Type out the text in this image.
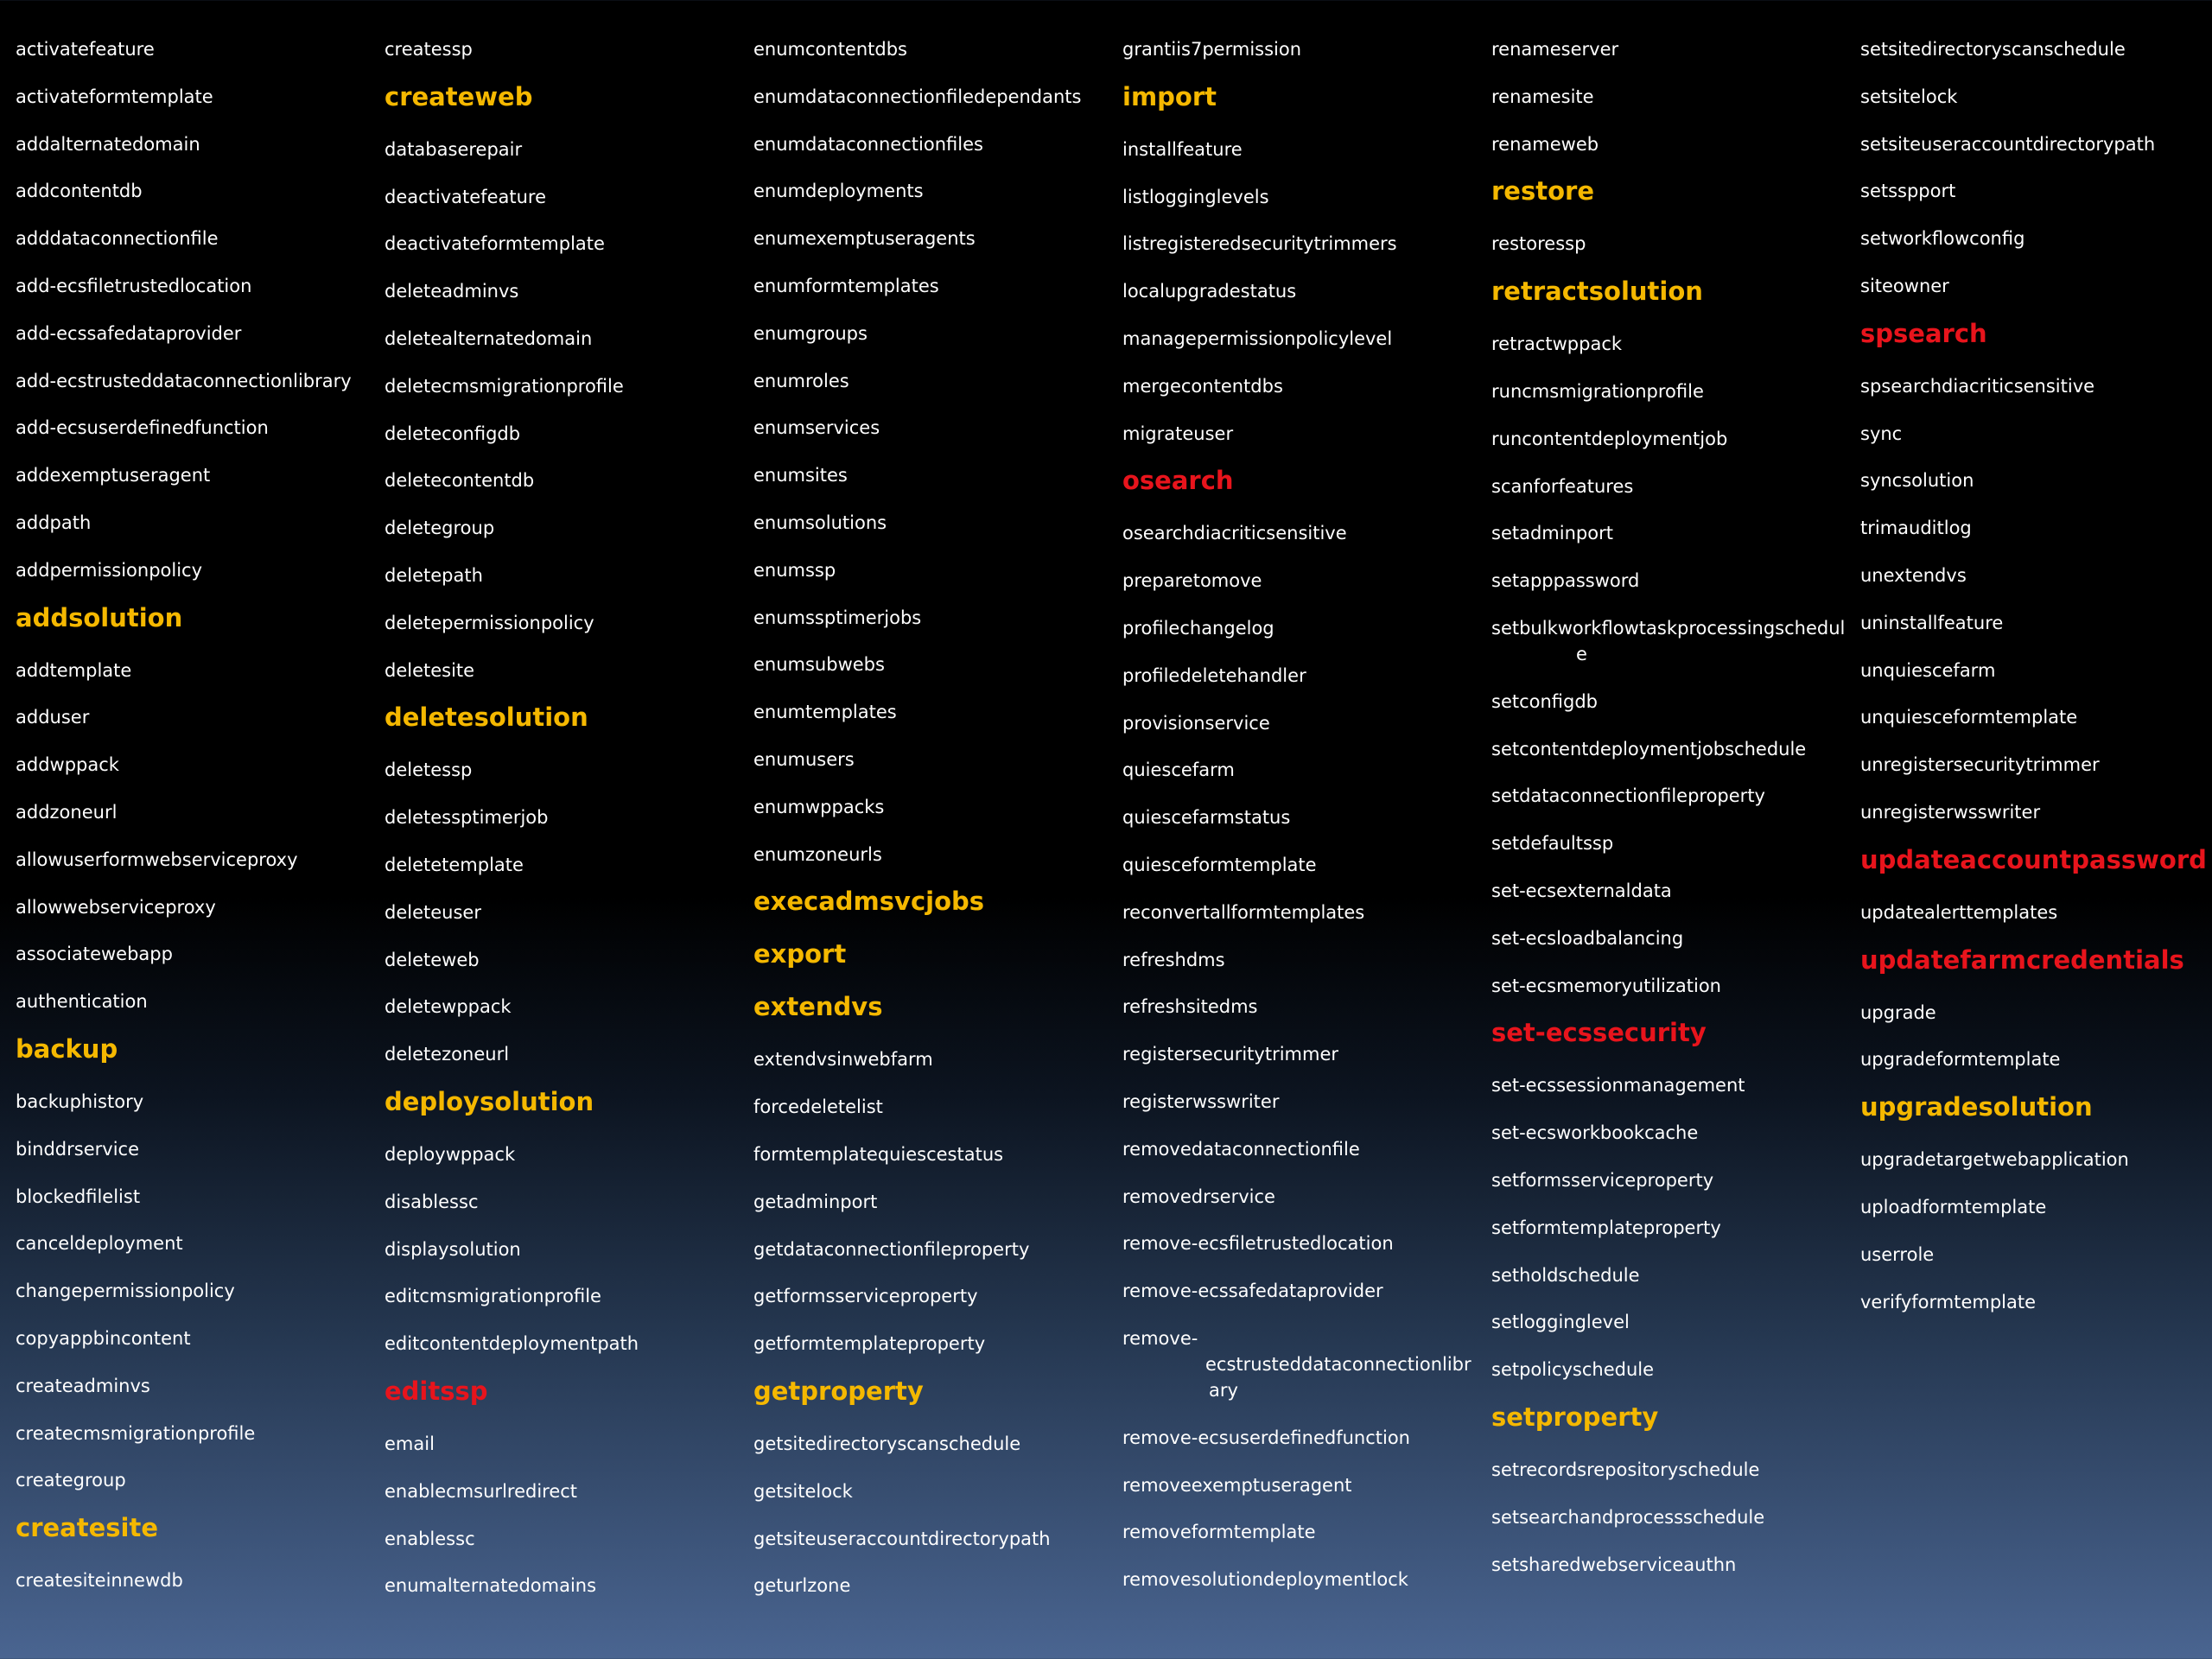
activatefeature
activateformtemplate
addalternatedomain
addcontentdb
adddataconnectionfile
add-ecsfiletrustedlocation
add-ecssafedataprovider
add-ecstrusteddataconnectionlibrary
add-ecsuserdefinedfunction
addexemptuseragent
addpath
addpermissionpolicy
addsolution
addtemplate
adduser
addwppack
addzoneurl
allowuserformwebserviceproxy
allowwebserviceproxy
associatewebapp
authentication
backup
backuphistory
binddrservice
blockedfilelist
canceldeployment
changepermissionpolicy
copyappbincontent
createadminvs
createcmsmigrationprofile
creategroup
createsite
createsiteinnewdb
createssp
createweb
databaserepair
deactivatefeature
deactivateformtemplate
deleteadminvs
deletealternatedomain
deletecmsmigrationprofile
deleteconfigdb
deletecontentdb
deletegroup
deletepath
deletepermissionpolicy
deletesite
deletesolution
deletessp
deletessptimerjob
deletetemplate
deleteuser
deleteweb
deletewppack
deletezoneurl
deploysolution
deploywppack
disablessc
displaysolution
editcmsmigrationprofile
editcontentdeploymentpath
editssp
email
enablecmsurlredirect
enablessc
enumalternatedomains
enumcontentdbs
enumdataconnectionfiledependants
enumdataconnectionfiles
enumdeployments
enumexemptuseragents
enumformtemplates
enumgroups
enumroles
enumservices
enumsites
enumsolutions
enumssp
enumssptimerjobs
enumsubwebs
enumtemplates
enumusers
enumwppacks
enumzoneurls
execadmsvcjobs
export
extendvs
extendvsinwebfarm
forcedeletelist
formtemplatequiescestatus
getadminport
getdataconnectionfileproperty
getformsserviceproperty
getformtemplateproperty
getproperty
getsitedirectoryscanschedule
getsitelock
getsiteuseraccountdirectorypath
geturlzone
grantiis7permission
import
installfeature
listlogginglevels
listregisteredsecuritytrimmers
localupgradestatus
managepermissionpolicylevel
mergecontentdbs
migrateuser
osearch
osearchdiacriticsensitive
preparetomove
profilechangelog
profiledeletehandler
provisionservice
quiescefarm
quiescefarmstatus
quiesceformtemplate
reconvertallformtemplates
refreshdms
refreshsitedms
registersecuritytrimmer
registerwsswriter
removedataconnectionfile
removedrservice
remove-ecsfiletrustedlocation
remove-ecssafedataprovider
remove-
ecstrusteddataconnectionlibr
ary
remove-ecsuserdefinedfunction
removeexemptuseragent
removeformtemplate
removesolutiondeploymentlock
renameserver
renamesite
renameweb
restore
restoressp
retractsolution
retractwppack
runcmsmigrationprofile
runcontentdeploymentjob
scanforfeatures
setadminport
setapppassword
setbulkworkflowtaskprocessingschedul
e
setconfigdb
setcontentdeploymentjobschedule
setdataconnectionfileproperty
setdefaultssp
set-ecsexternaldata
set-ecsloadbalancing
set-ecsmemoryutilization
set-ecssecurity
set-ecssessionmanagement
set-ecsworkbookcache
setformsserviceproperty
setformtemplateproperty
setholdschedule
setlogginglevel
setpolicyschedule
setproperty
setrecordsrepositoryschedule
setsearchandprocessschedule
setsharedwebserviceauthn
setsitedirectoryscanschedule
setsitelock
setsiteuseraccountdirectorypath
setsspport
setworkflowconfig
siteowner
spsearch
spsearchdiacriticsensitive
sync
syncsolution
trimauditlog
unextendvs
uninstallfeature
unquiescefarm
unquiesceformtemplate
unregistersecuritytrimmer
unregisterwsswriter
updateaccountpassword
updatealerttemplates
updatefarmcredentials
upgrade
upgradeformtemplate
upgradesolution
upgradetargetwebapplication
uploadformtemplate
userrole
verifyformtemplate
